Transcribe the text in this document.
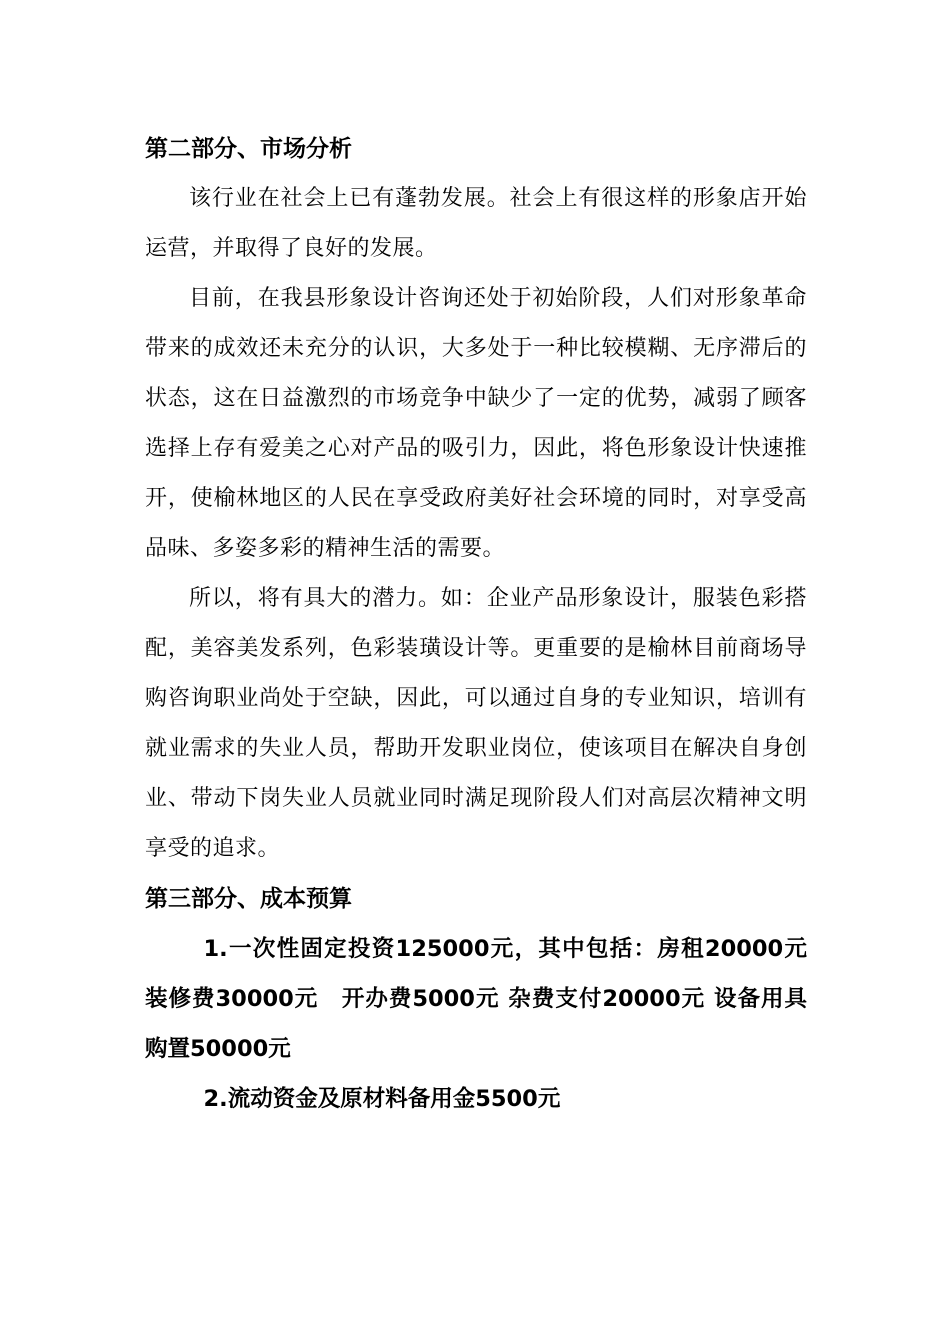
第二部分、市场分析

该行业在社会上已有蓬勃发展。社会上有很这样的形象店开始运营，并取得了良好的发展。

目前，在我县形象设计咨询还处于初始阶段，人们对形象革命带来的成效还未充分的认识，大多处于一种比较模糊、无序滞后的状态，这在日益激烈的市场竞争中缺少了一定的优势，减弱了顾客选择上存有爱美之心对产品的吸引力，因此，将色形象设计快速推开，使榆林地区的人民在享受政府美好社会环境的同时，对享受高品味、多姿多彩的精神生活的需要。

所以，将有具大的潜力。如：企业产品形象设计，服装色彩搭配，美容美发系列，色彩装璜设计等。更重要的是榆林目前商场导购咨询职业尚处于空缺，因此，可以通过自身的专业知识，培训有就业需求的失业人员，帮助开发职业岗位，使该项目在解决自身创业、带动下岗失业人员就业同时满足现阶段人们对高层次精神文明享受的追求。

第三部分、成本预算

1.一次性固定投资125000元，其中包括：房租20000元 装修费30000元　开办费5000元 杂费支付20000元 设备用具购置50000元

2.流动资金及原材料备用金5500元
